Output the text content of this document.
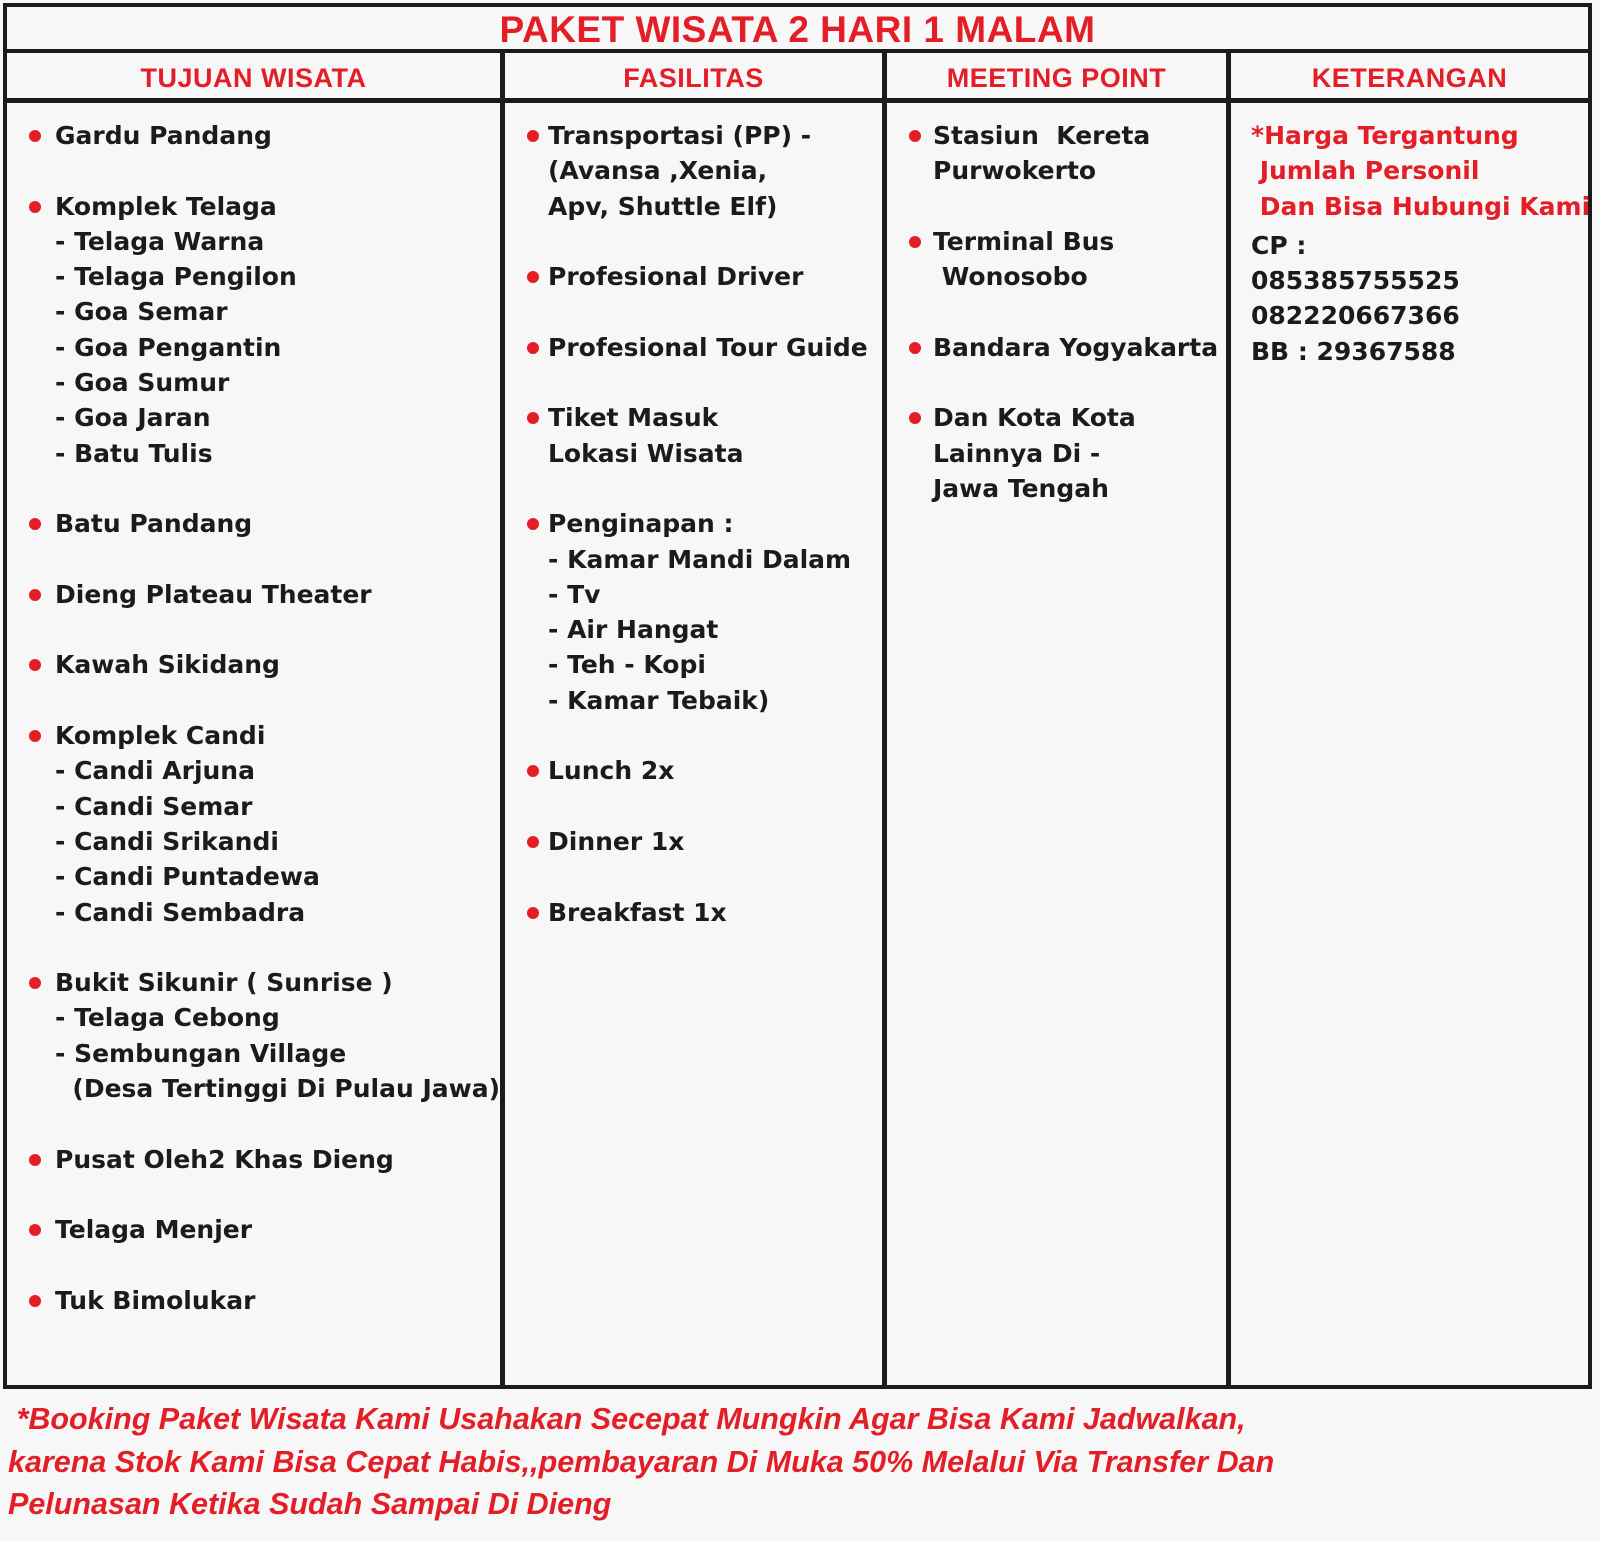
PAKET WISATA 2 HARI 1 MALAM
TUJUAN WISATA
Gardu Pandang
Komplek Telaga
- Telaga Warna
- Telaga Pengilon
- Goa Semar
- Goa Pengantin
- Goa Sumur
- Goa Jaran
- Batu Tulis
Batu Pandang
Dieng Plateau Theater
Kawah Sikidang
Komplek Candi
- Candi Arjuna
- Candi Semar
- Candi Srikandi
- Candi Puntadewa
- Candi Sembadra
Bukit Sikunir ( Sunrise )
- Telaga Cebong
- Sembungan Village
(Desa Tertinggi Di Pulau Jawa)
Pusat Oleh2 Khas Dieng
Telaga Menjer
Tuk Bimolukar
FASILITAS
Transportasi (PP) -
(Avansa ,Xenia,
Apv, Shuttle Elf)
Profesional Driver
Profesional Tour Guide
Tiket Masuk
Lokasi Wisata
Penginapan :
- Kamar Mandi Dalam
- Tv
- Air Hangat
- Teh - Kopi
- Kamar Tebaik)
Lunch 2x
Dinner 1x
Breakfast 1x
MEETING POINT
Stasiun  Kereta
Purwokerto
Terminal Bus
Wonosobo
Bandara Yogyakarta
Dan Kota Kota
Lainnya Di -
Jawa Tengah
KETERANGAN
*Harga Tergantung
Jumlah Personil
Dan Bisa Hubungi Kami
CP :
085385755525
082220667366
BB : 29367588
*Booking Paket Wisata Kami Usahakan Secepat Mungkin Agar Bisa Kami Jadwalkan,
karena Stok Kami Bisa Cepat Habis,,pembayaran Di Muka 50% Melalui Via Transfer Dan
Pelunasan Ketika Sudah Sampai Di Dieng
